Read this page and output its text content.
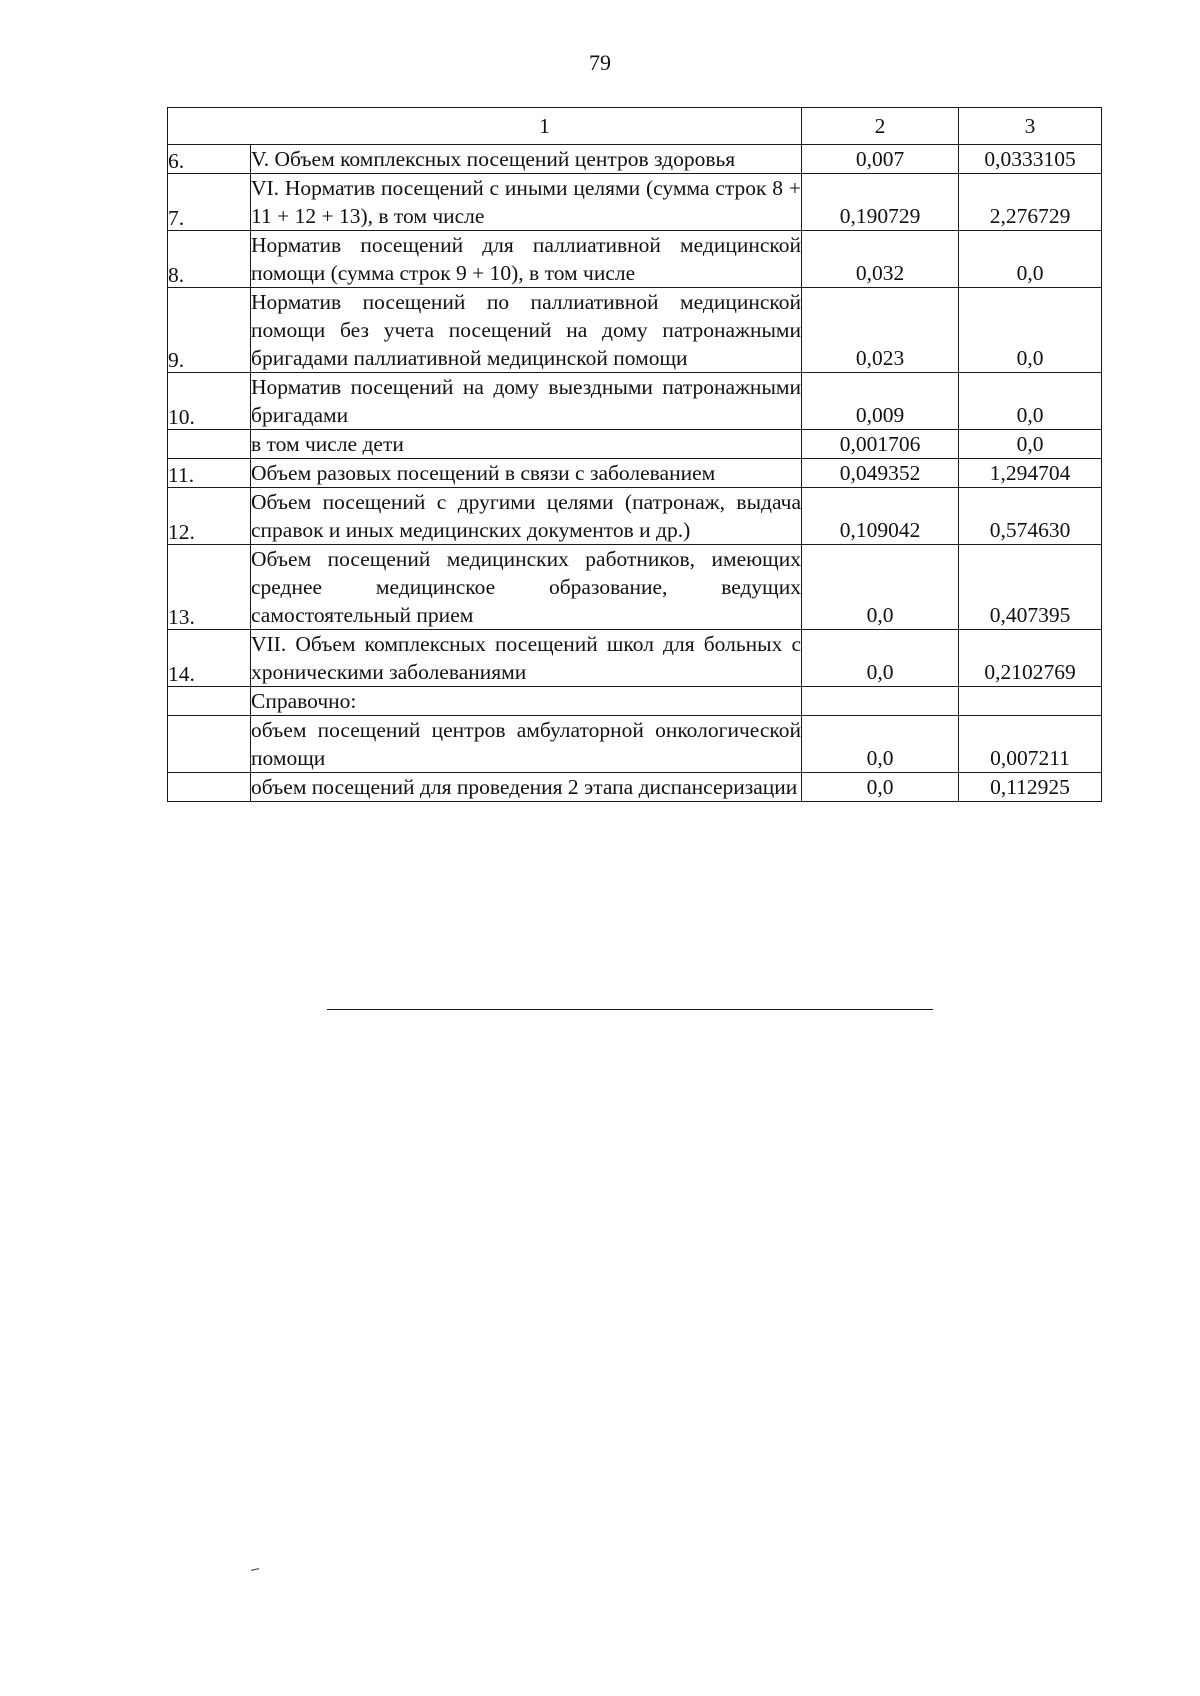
79
1		2	3
6.	V. Объем комплексных посещений центров здоровья	0,007	0,0333105
7.	VI. Норматив посещений с иными целями (сумма строк 8 + 11 + 12 + 13), в том числе	0,190729	2,276729
8.	Норматив посещений для паллиативной медицинской помощи (сумма строк 9 + 10), в том числе	0,032	0,0
9.	Норматив посещений по паллиативной медицинской помощи без учета посещений на дому патронажными бригадами паллиативной медицинской помощи	0,023	0,0
10.	Норматив посещений на дому выездными патронажными бригадами	0,009	0,0
	в том числе дети	0,001706	0,0
11.	Объем разовых посещений в связи с заболеванием	0,049352	1,294704
12.	Объем посещений с другими целями (патронаж, выдача справок и иных медицинских документов и др.)	0,109042	0,574630
13.	Объем посещений медицинских работников, имеющих среднее медицинское образование, ведущих самостоятельный прием	0,0	0,407395
14.	VII. Объем комплексных посещений школ для больных с хроническими заболеваниями	0,0	0,2102769
	Справочно:		
	объем посещений центров амбулаторной онкологической помощи	0,0	0,007211
	объем посещений для проведения 2 этапа диспансеризации	0,0	0,112925
